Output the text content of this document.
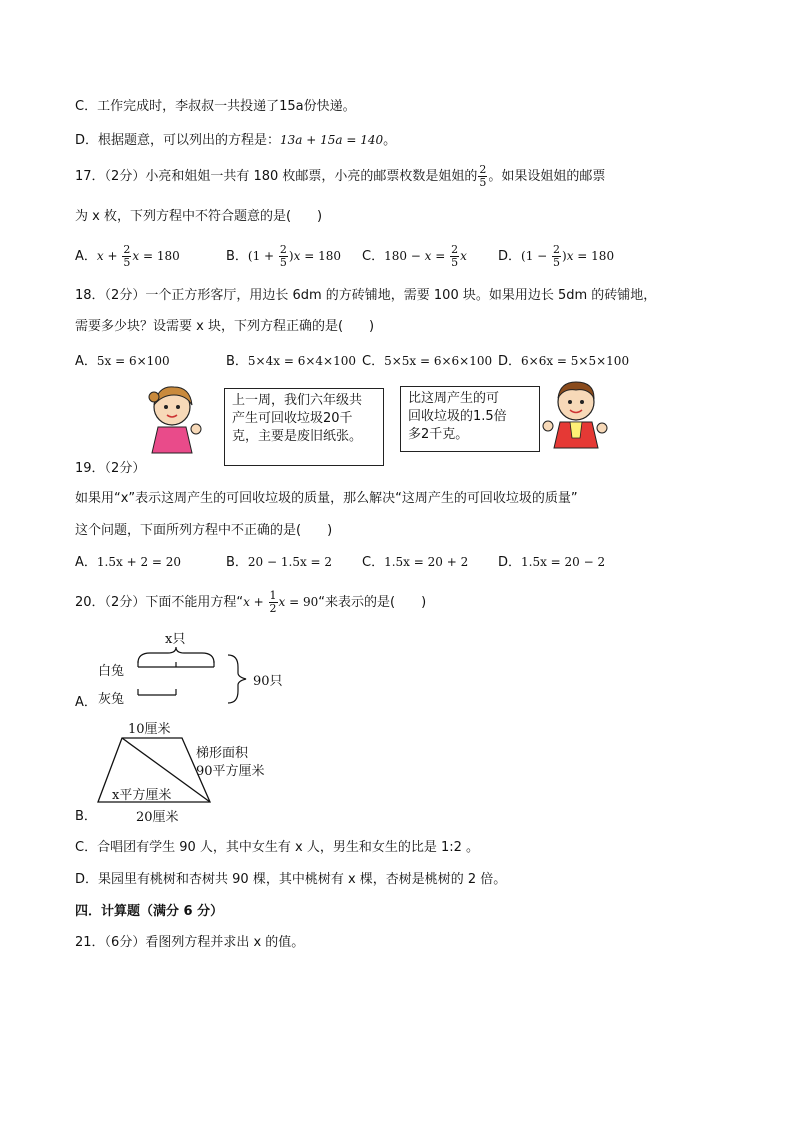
C．工作完成时，李叔叔一共投递了15a份快递。
D．根据题意，可以列出的方程是：13a + 15a = 140。
17．（2分）小亮和姐姐一共有 180 枚邮票，小亮的邮票枚数是姐姐的 $\frac{2}{5}$ 。如果设姐姐的邮票
为 x 枚，下列方程中不符合题意的是(　　)
A．$x + \frac{2}{5}$ x = 180	B．$(1 + \frac{2}{5} )x = 180$ C．$180 - x = \frac{2}{5}$ x D．$(1 - \frac{2}{5} )x = 180$
18．（2分）一个正方形客厅，用边长 6dm 的方砖铺地，需要 100 块。如果用边长 5dm 的砖铺地，
需要多少块？设需要 x 块，下列方程正确的是(　　)
A．5x = 6×100	B．5×4x = 6×4×100 C．5×5x = 6×6×100 D．6×6x = 5×5×100
上一周，我们六年级共
产生可回收垃圾20千
克，主要是废旧纸张。
比这周产生的可
回收垃圾的1.5倍
多2千克。
19．（2分）
如果用“x”表示这周产生的可回收垃圾的质量，那么解决“这周产生的可回收垃圾的质量”
这个问题，下面所列方程中不正确的是(　　)
A．1.5x + 2 = 20	B．20 − 1.5x = 2 C．1.5x = 20 + 2 D．1.5x = 20 − 2
20．（2分）下面不能用方程“$x + \frac{1}{2}$ x = 90“来表示的是(　　)
x只
白兔
灰兔
90只
A．
10厘米
梯形面积
90平方厘米
x平方厘米
20厘米
B．
C．合唱团有学生 90 人，其中女生有 x 人，男生和女生的比是 1:2 。
D．果园里有桃树和杏树共 90 棵，其中桃树有 x 棵，杏树是桃树的 2 倍。
四．计算题（满分 6 分）
21．（6分）看图列方程并求出 x 的值。
